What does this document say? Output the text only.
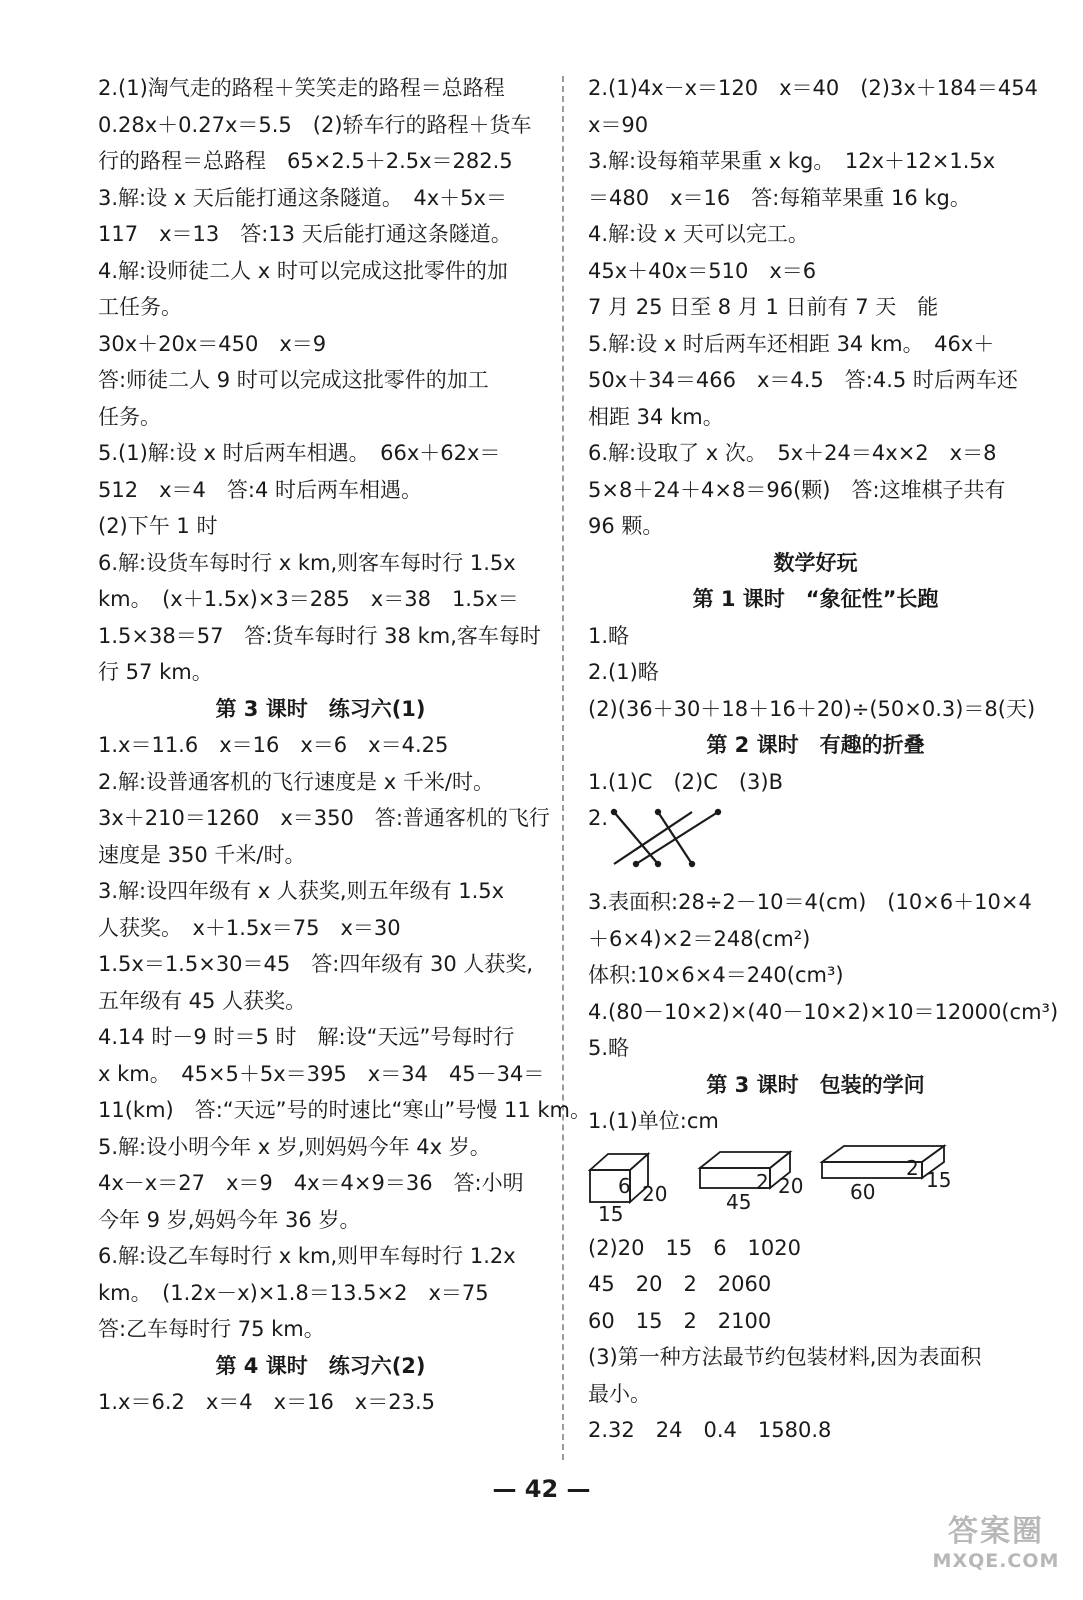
2.(1)淘气走的路程＋笑笑走的路程＝总路程
0.28x＋0.27x＝5.5　(2)轿车行的路程＋货车
行的路程＝总路程　65×2.5＋2.5x＝282.5
3.解:设 x 天后能打通这条隧道。　4x＋5x＝
117　x＝13　答:13 天后能打通这条隧道。
4.解:设师徒二人 x 时可以完成这批零件的加
工任务。
30x＋20x＝450　x＝9
答:师徒二人 9 时可以完成这批零件的加工
任务。
5.(1)解:设 x 时后两车相遇。　66x＋62x＝
512　x＝4　答:4 时后两车相遇。
(2)下午 1 时
6.解:设货车每时行 x km,则客车每时行 1.5x
km。　(x＋1.5x)×3＝285　x＝38　1.5x＝
1.5×38＝57　答:货车每时行 38 km,客车每时
行 57 km。
第 3 课时　练习六(1)
1.x＝11.6　x＝16　x＝6　x＝4.25
2.解:设普通客机的飞行速度是 x 千米/时。
3x＋210＝1260　x＝350　答:普通客机的飞行
速度是 350 千米/时。
3.解:设四年级有 x 人获奖,则五年级有 1.5x
人获奖。　x＋1.5x＝75　x＝30
1.5x＝1.5×30＝45　答:四年级有 30 人获奖,
五年级有 45 人获奖。
4.14 时－9 时＝5 时　解:设“天远”号每时行
x km。　45×5＋5x＝395　x＝34　45－34＝
11(km)　答:“天远”号的时速比“寒山”号慢 11 km。
5.解:设小明今年 x 岁,则妈妈今年 4x 岁。
4x－x＝27　x＝9　4x＝4×9＝36　答:小明
今年 9 岁,妈妈今年 36 岁。
6.解:设乙车每时行 x km,则甲车每时行 1.2x
km。　(1.2x－x)×1.8＝13.5×2　x＝75
答:乙车每时行 75 km。
第 4 课时　练习六(2)
1.x＝6.2　x＝4　x＝16　x＝23.5
2.(1)4x－x＝120　x＝40　(2)3x＋184＝454
x＝90
3.解:设每箱苹果重 x kg。　12x＋12×1.5x
＝480　x＝16　答:每箱苹果重 16 kg。
4.解:设 x 天可以完工。
45x＋40x＝510　x＝6
7 月 25 日至 8 月 1 日前有 7 天　能
5.解:设 x 时后两车还相距 34 km。　46x＋
50x＋34＝466　x＝4.5　答:4.5 时后两车还
相距 34 km。
6.解:设取了 x 次。　5x＋24＝4x×2　x＝8
5×8＋24＋4×8＝96(颗)　答:这堆棋子共有
96 颗。
数学好玩
第 1 课时　“象征性”长跑
1.略
2.(1)略
(2)(36＋30＋18＋16＋20)÷(50×0.3)＝8(天)
第 2 课时　有趣的折叠
1.(1)C　(2)C　(3)B
2.
3.表面积:28÷2－10＝4(cm)　(10×6＋10×4
＋6×4)×2＝248(cm²)
体积:10×6×4＝240(cm³)
4.(80－10×2)×(40－10×2)×10＝12000(cm³)
5.略
第 3 课时　包装的学问
1.(1)单位:cm
6 20
15
2 20
45
2 15
60
(2)20　15　6　1020
45　20　2　2060
60　15　2　2100
(3)第一种方法最节约包装材料,因为表面积
最小。
2.32　24　0.4　1580.8
— 42 —
答案圈
MXQE.COM
